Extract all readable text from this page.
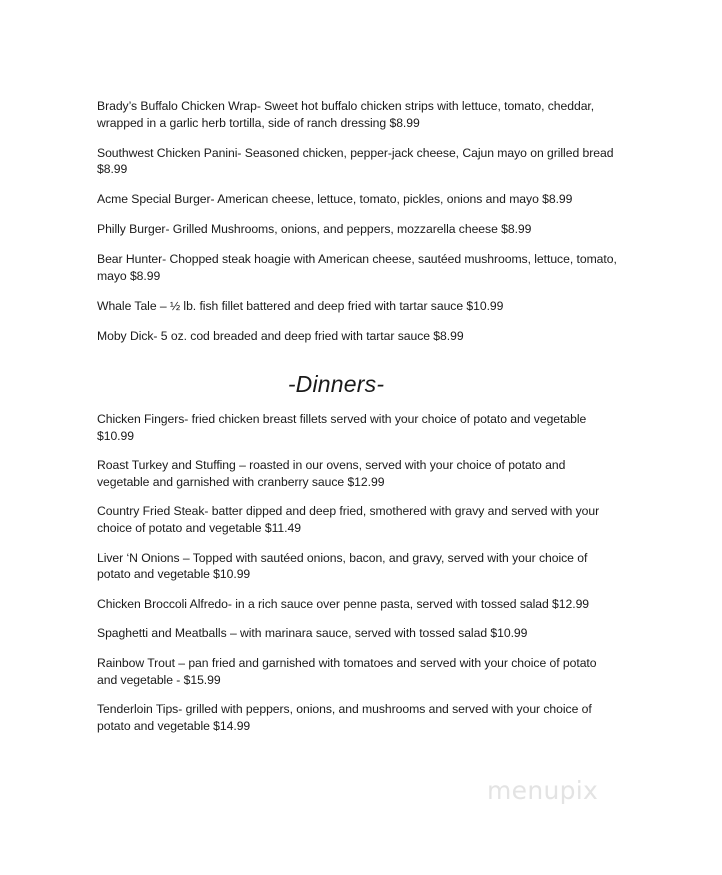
Brady’s Buffalo Chicken Wrap- Sweet hot buffalo chicken strips with lettuce, tomato, cheddar, wrapped in a garlic herb tortilla, side of ranch dressing $8.99

Southwest Chicken Panini- Seasoned chicken, pepper-jack cheese, Cajun mayo on grilled bread $8.99

Acme Special Burger- American cheese, lettuce, tomato, pickles, onions and mayo $8.99

Philly Burger- Grilled Mushrooms, onions, and peppers, mozzarella cheese $8.99

Bear Hunter- Chopped steak hoagie with American cheese, sautéed mushrooms, lettuce, tomato, mayo $8.99

Whale Tale – ½ lb. fish fillet battered and deep fried with tartar sauce $10.99

Moby Dick- 5 oz. cod breaded and deep fried with tartar sauce $8.99

-Dinners-

Chicken Fingers- fried chicken breast fillets served with your choice of potato and vegetable $10.99

Roast Turkey and Stuffing – roasted in our ovens, served with your choice of potato and vegetable and garnished with cranberry sauce $12.99

Country Fried Steak- batter dipped and deep fried, smothered with gravy and served with your choice of potato and vegetable $11.49

Liver ‘N Onions – Topped with sautéed onions, bacon, and gravy, served with your choice of potato and vegetable $10.99

Chicken Broccoli Alfredo- in a rich sauce over penne pasta, served with tossed salad $12.99

Spaghetti and Meatballs – with marinara sauce, served with tossed salad $10.99

Rainbow Trout – pan fried and garnished with tomatoes and served with your choice of potato and vegetable - $15.99

Tenderloin Tips- grilled with peppers, onions, and mushrooms and served with your choice of potato and vegetable $14.99

menupix
